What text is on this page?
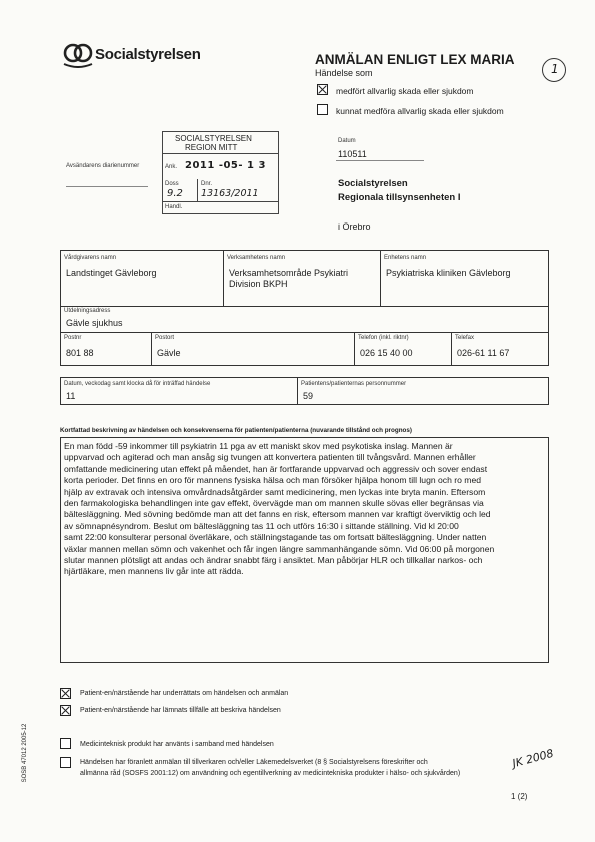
Socialstyrelsen	ANMÄLAN ENLIGT LEX MARIA
Händelse som	1
medfört allvarlig skada eller sjukdom
kunnat medföra allvarlig skada eller sjukdom
Avsändarens diarienummer
SOCIALSTYRELSEN
REGION MITT
Ank. 2011 -05- 1 3
Doss	Dnr.
9.2 13163/2011
Handl.
Datum
110511
Socialstyrelsen
Regionala tillsynsenheten I
i Örebro
Vårdgivarens namn
Landstinget Gävleborg
Verksamhetens namn
Verksamhetsområde Psykiatri
Division BKPH
Enhetens namn
Psykiatriska kliniken Gävleborg
Utdelningsadress
Gävle sjukhus
Postnr
801 88
Postort
Gävle
Telefon (inkl. riktnr)
026 15 40 00
Telefax
026-61 11 67
Datum, veckodag samt klocka då för inträffad händelse
11
Patientens/patienternas personnummer
59
Kortfattad beskrivning av händelsen och konsekvenserna för patienten/patienterna (nuvarande tillstånd och prognos)
En man född -59 inkommer till psykiatrin 11 pga av ett maniskt skov med psykotiska inslag. Mannen är
uppvarvad och agiterad och man ansåg sig tvungen att konvertera patienten till tvångsvård. Mannen erhåller
omfattande medicinering utan effekt på måendet, han är fortfarande uppvarvad och aggressiv och sover endast
korta perioder. Det finns en oro för mannens fysiska hälsa och man försöker hjälpa honom till lugn och ro med
hjälp av extravak och intensiva omvårdnadsåtgärder samt medicinering, men lyckas inte bryta manin. Eftersom
den farmakologiska behandlingen inte gav effekt, övervägde man om mannen skulle sövas eller begränsas via
bältesläggning. Med sövning bedömde man att det fanns en risk, eftersom mannen var kraftigt överviktig och led
av sömnapnésyndrom. Beslut om bältesläggning tas 11 och utförs 16:30 i sittande ställning. Vid kl 20:00
samt 22:00 konsulterar personal överläkare, och ställningstagande tas om fortsatt bältesläggning. Under natten
växlar mannen mellan sömn och vakenhet och får ingen längre sammanhängande sömn. Vid 06:00 på morgonen
slutar mannen plötsligt att andas och ändrar snabbt färg i ansiktet. Man påbörjar HLR och tillkallar narkos- och
hjärtläkare, men mannens liv går inte att rädda.
Patient-en/närstående har underrättats om händelsen och anmälan
Patient-en/närstående har lämnats tillfälle att beskriva händelsen
Medicinteknisk produkt har använts i samband med händelsen
Händelsen har föranlett anmälan till tillverkaren och/eller Läkemedelsverket (8 § Socialstyrelsens föreskrifter och
allmänna råd (SOSFS 2001:12) om användning och egentillverkning av medicintekniska produkter i hälso- och sjukvården)
SOSB 47012 2005-12	JK 2008
1 (2)
